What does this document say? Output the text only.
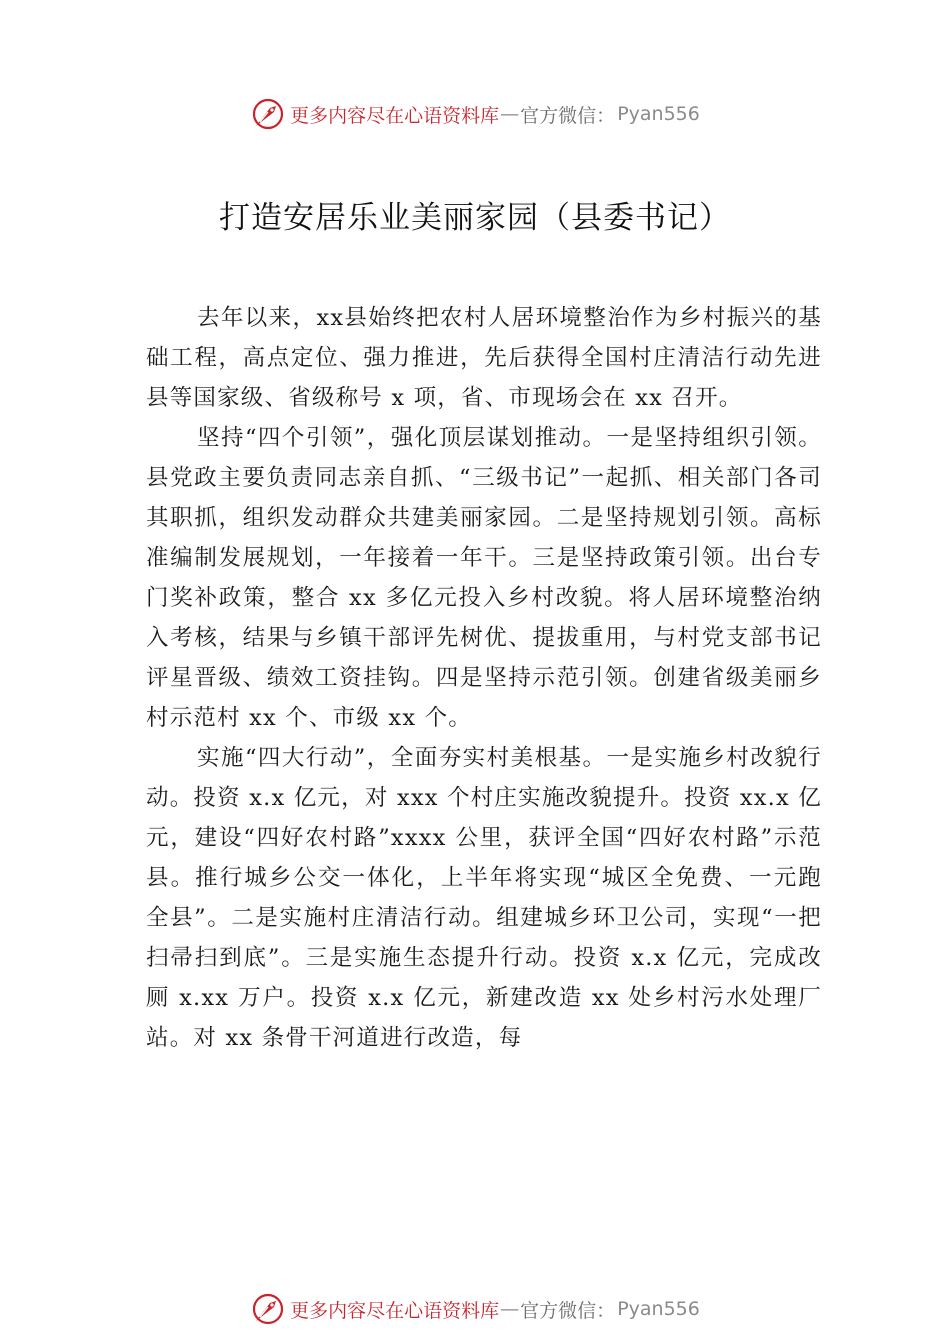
更多内容尽在心语资料库 — 官方微信： Pyan556
打造安居乐业美丽家园（县委书记）

去年以来，xx县始终把农村人居环境整治作为乡村振兴的基础工程，高点定位、强力推进，先后获得全国村庄清洁行动先进县等国家级、省级称号 x 项，省、市现场会在 xx 召开。

坚持“四个引领”，强化顶层谋划推动。一是坚持组织引领。县党政主要负责同志亲自抓、“三级书记”一起抓、相关部门各司其职抓，组织发动群众共建美丽家园。二是坚持规划引领。高标准编制发展规划，一年接着一年干。三是坚持政策引领。出台专门奖补政策，整合 xx 多亿元投入乡村改貌。将人居环境整治纳入考核，结果与乡镇干部评先树优、提拔重用，与村党支部书记评星晋级、绩效工资挂钩。四是坚持示范引领。创建省级美丽乡村示范村 xx 个、市级 xx 个。

实施“四大行动”，全面夯实村美根基。一是实施乡村改貌行动。投资 x.x 亿元，对 xxx 个村庄实施改貌提升。投资 xx.x 亿元，建设“四好农村路”xxxx 公里，获评全国“四好农村路”示范县。推行城乡公交一体化，上半年将实现“城区全免费、一元跑全县”。二是实施村庄清洁行动。组建城乡环卫公司，实现“一把扫帚扫到底”。三是实施生态提升行动。投资 x.x 亿元，完成改厕 x.xx 万户。投资 x.x 亿元，新建改造 xx 处乡村污水处理厂站。对 xx 条骨干河道进行改造，每

更多内容尽在心语资料库 — 官方微信： Pyan556
